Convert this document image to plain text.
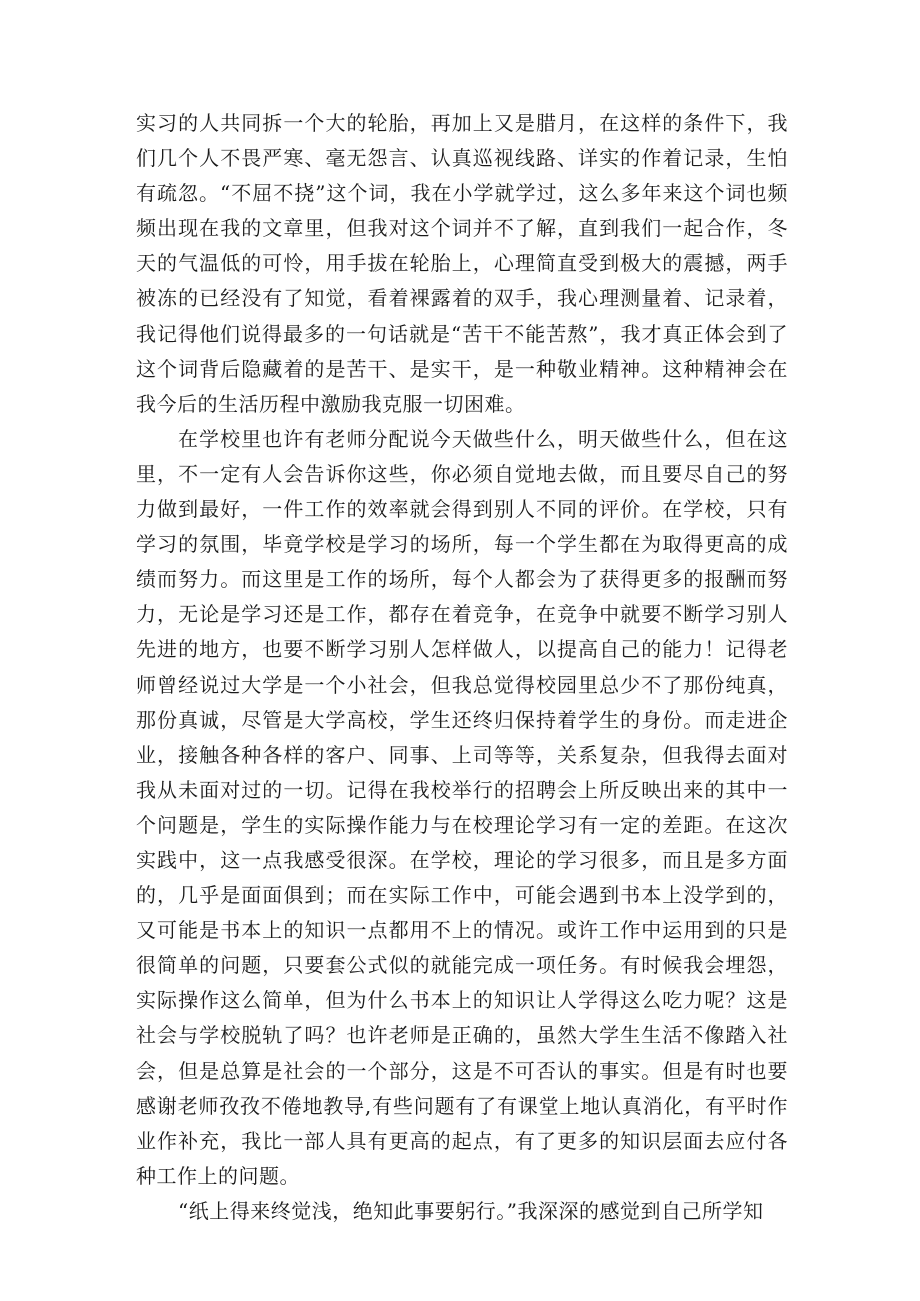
实习的人共同拆一个大的轮胎，再加上又是腊月，在这样的条件下，我们几个人不畏严寒、毫无怨言、认真巡视线路、详实的作着记录，生怕有疏忽。“不屈不挠”这个词，我在小学就学过，这么多年来这个词也频频出现在我的文章里，但我对这个词并不了解，直到我们一起合作，冬天的气温低的可怜，用手拔在轮胎上，心理简直受到极大的震撼，两手被冻的已经没有了知觉，看着裸露着的双手，我心理测量着、记录着，我记得他们说得最多的一句话就是“苦干不能苦熬”，我才真正体会到了这个词背后隐藏着的是苦干、是实干，是一种敬业精神。这种精神会在我今后的生活历程中激励我克服一切困难。

在学校里也许有老师分配说今天做些什么，明天做些什么，但在这里，不一定有人会告诉你这些，你必须自觉地去做，而且要尽自己的努力做到最好，一件工作的效率就会得到别人不同的评价。在学校，只有学习的氛围，毕竟学校是学习的场所，每一个学生都在为取得更高的成绩而努力。而这里是工作的场所，每个人都会为了获得更多的报酬而努力，无论是学习还是工作，都存在着竞争，在竞争中就要不断学习别人先进的地方，也要不断学习别人怎样做人，以提高自己的能力！记得老师曾经说过大学是一个小社会，但我总觉得校园里总少不了那份纯真，那份真诚，尽管是大学高校，学生还终归保持着学生的身份。而走进企业，接触各种各样的客户、同事、上司等等，关系复杂，但我得去面对我从未面对过的一切。记得在我校举行的招聘会上所反映出来的其中一个问题是，学生的实际操作能力与在校理论学习有一定的差距。在这次实践中，这一点我感受很深。在学校，理论的学习很多，而且是多方面的，几乎是面面俱到；而在实际工作中，可能会遇到书本上没学到的，又可能是书本上的知识一点都用不上的情况。或许工作中运用到的只是很简单的问题，只要套公式似的就能完成一项任务。有时候我会埋怨，实际操作这么简单，但为什么书本上的知识让人学得这么吃力呢？这是社会与学校脱轨了吗？也许老师是正确的，虽然大学生生活不像踏入社会，但是总算是社会的一个部分，这是不可否认的事实。但是有时也要感谢老师孜孜不倦地教导,有些问题有了有课堂上地认真消化，有平时作业作补充，我比一部人具有更高的起点，有了更多的知识层面去应付各种工作上的问题。

“纸上得来终觉浅，绝知此事要躬行。”我深深的感觉到自己所学知
